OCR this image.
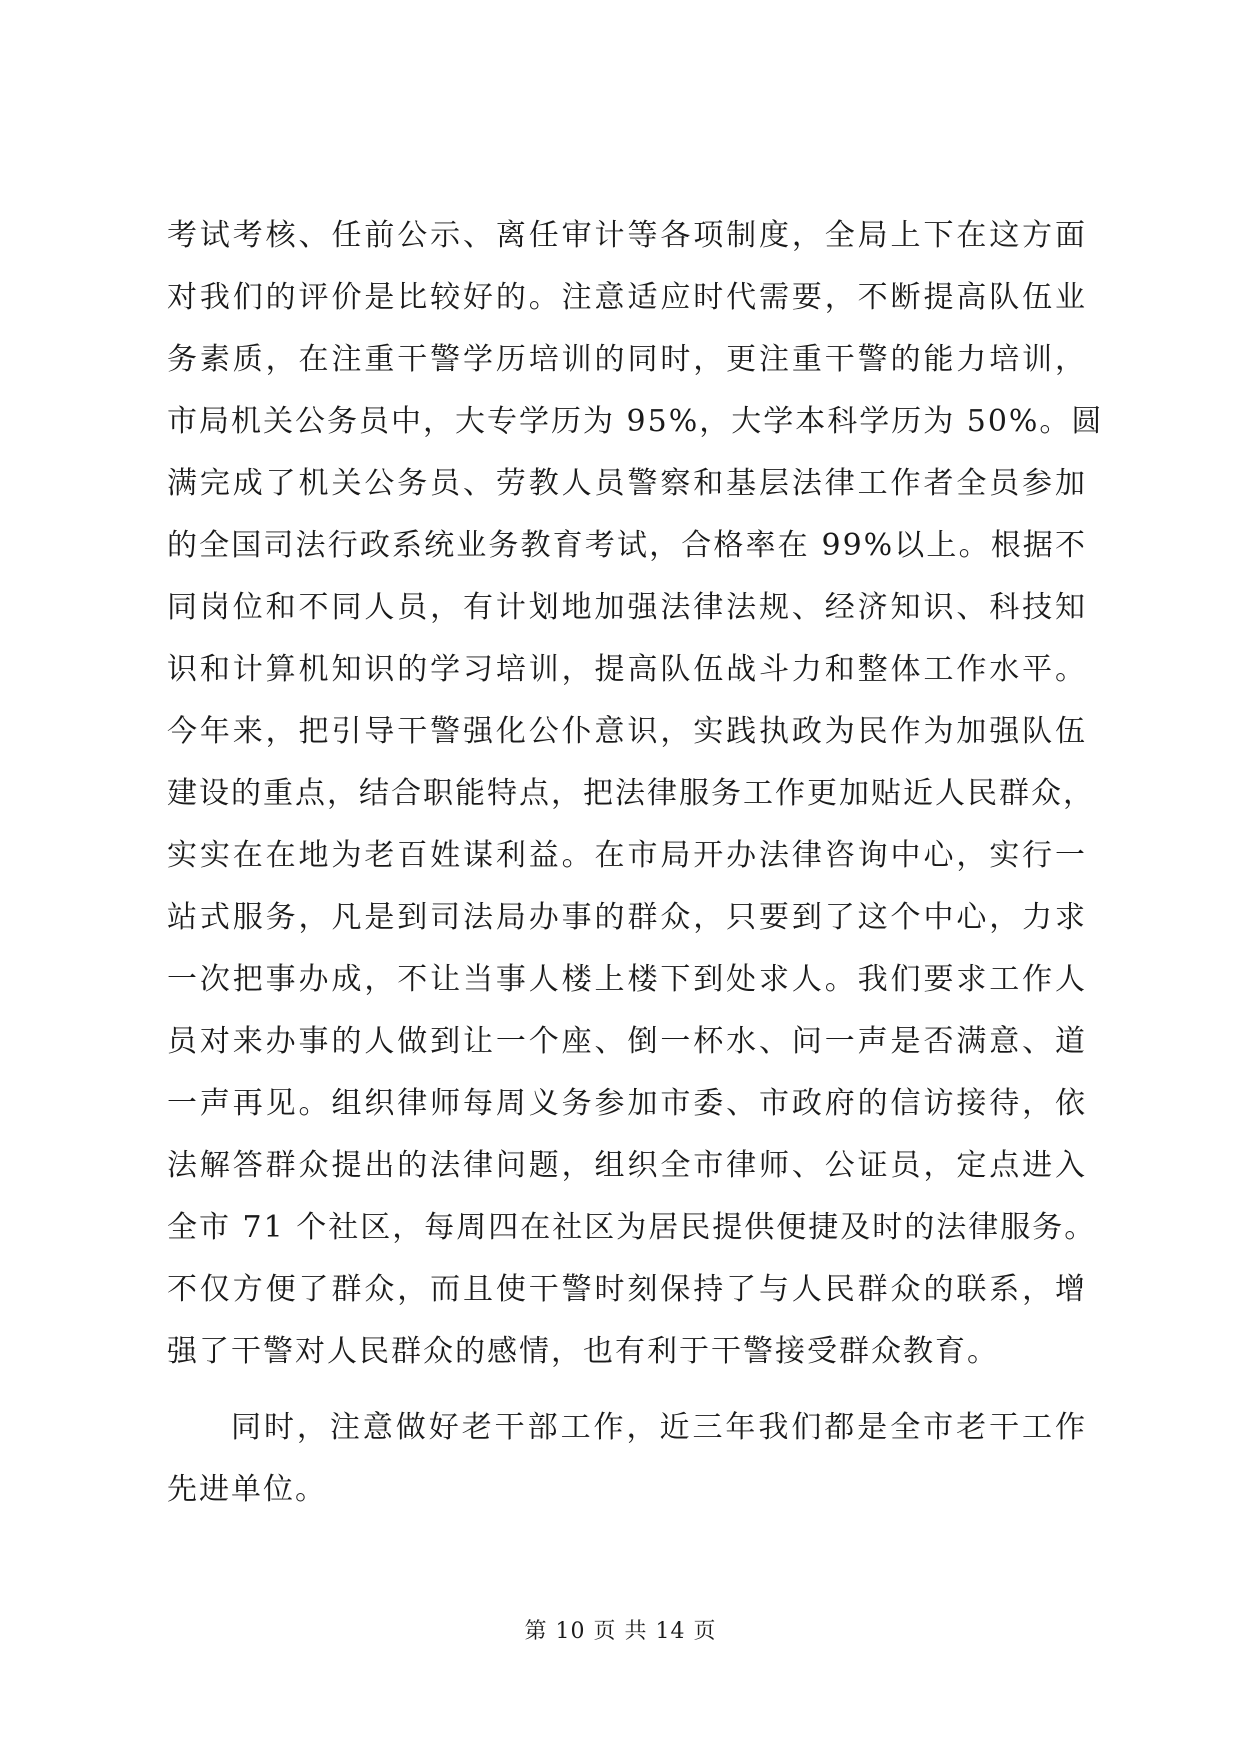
考试考核、任前公示、离任审计等各项制度，全局上下在这方面
对我们的评价是比较好的。注意适应时代需要，不断提高队伍业
务素质，在注重干警学历培训的同时，更注重干警的能力培训，
市局机关公务员中，大专学历为 95%，大学本科学历为 50%。圆
满完成了机关公务员、劳教人员警察和基层法律工作者全员参加
的全国司法行政系统业务教育考试，合格率在 99%以上。根据不
同岗位和不同人员，有计划地加强法律法规、经济知识、科技知
识和计算机知识的学习培训，提高队伍战斗力和整体工作水平。
今年来，把引导干警强化公仆意识，实践执政为民作为加强队伍
建设的重点，结合职能特点，把法律服务工作更加贴近人民群众，
实实在在地为老百姓谋利益。在市局开办法律咨询中心，实行一
站式服务，凡是到司法局办事的群众，只要到了这个中心，力求
一次把事办成，不让当事人楼上楼下到处求人。我们要求工作人
员对来办事的人做到让一个座、倒一杯水、问一声是否满意、道
一声再见。组织律师每周义务参加市委、市政府的信访接待，依
法解答群众提出的法律问题，组织全市律师、公证员，定点进入
全市 71 个社区，每周四在社区为居民提供便捷及时的法律服务。
不仅方便了群众，而且使干警时刻保持了与人民群众的联系，增
强了干警对人民群众的感情，也有利于干警接受群众教育。
同时，注意做好老干部工作，近三年我们都是全市老干工作
先进单位。
第 10 页 共 14 页
